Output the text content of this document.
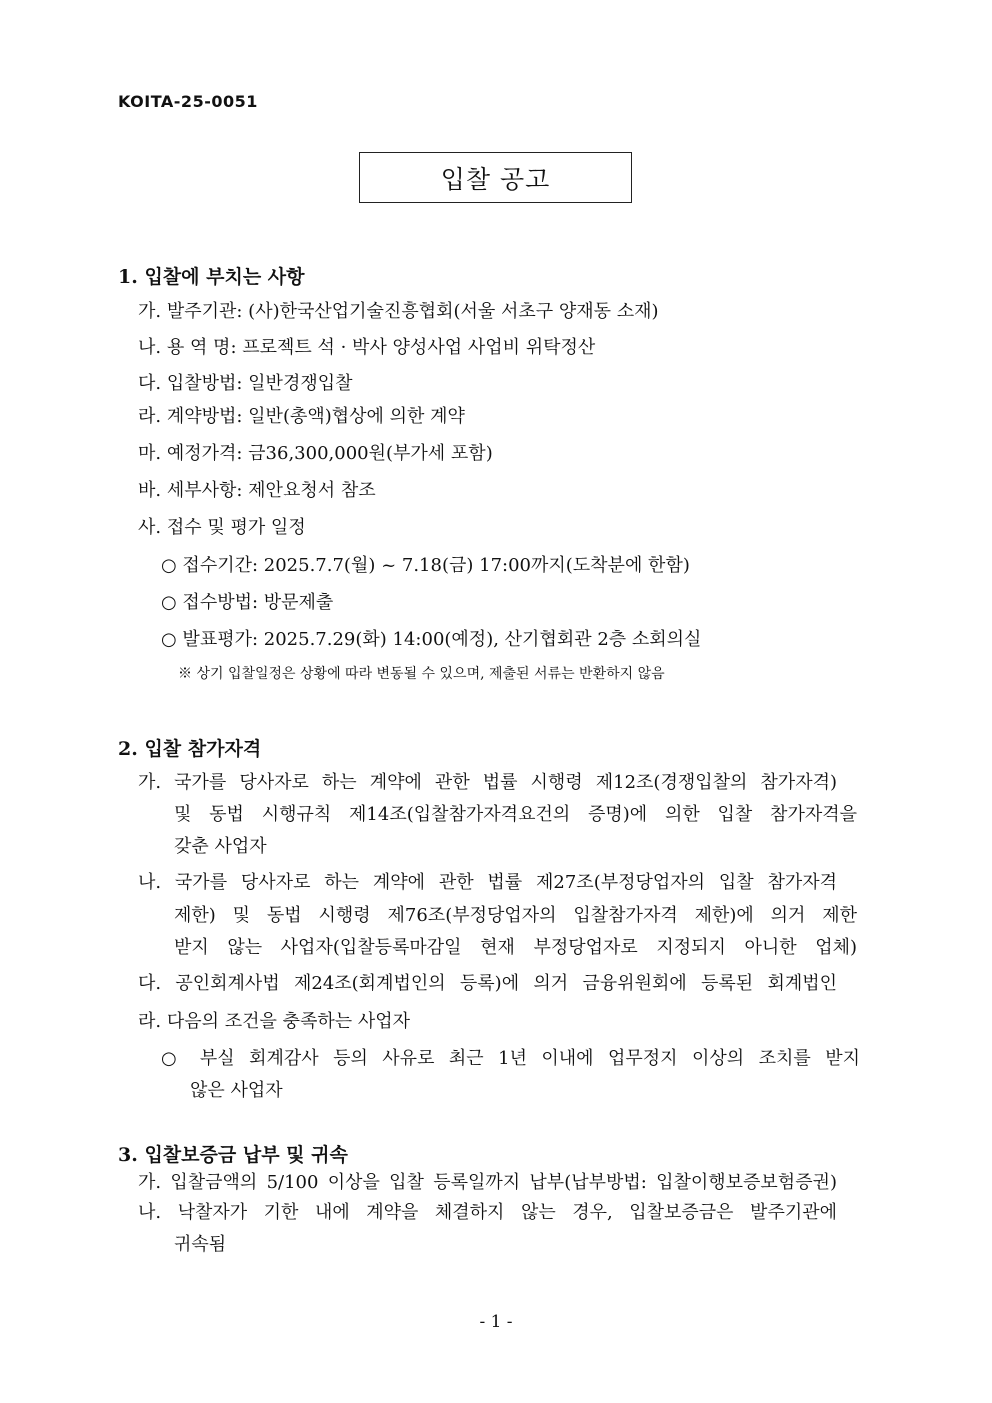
KOITA-25-0051
입찰 공고
1. 입찰에 부치는 사항
가. 발주기관: (사)한국산업기술진흥협회(서울 서초구 양재동 소재)
나. 용 역 명: 프로젝트 석 · 박사 양성사업 사업비 위탁정산
다. 입찰방법: 일반경쟁입찰
라. 계약방법: 일반(총액)협상에 의한 계약
마. 예정가격: 금36,300,000원(부가세 포함)
바. 세부사항: 제안요청서 참조
사. 접수 및 평가 일정
○ 접수기간: 2025.7.7(월) ~ 7.18(금) 17:00까지(도착분에 한함)
○ 접수방법: 방문제출
○ 발표평가: 2025.7.29(화) 14:00(예정), 산기협회관 2층 소회의실
※ 상기 입찰일정은 상황에 따라 변동될 수 있으며, 제출된 서류는 반환하지 않음
2. 입찰 참가자격
가. 국가를 당사자로 하는 계약에 관한 법률 시행령 제12조(경쟁입찰의 참가자격)
및 동법 시행규칙 제14조(입찰참가자격요건의 증명)에 의한 입찰 참가자격을
갖춘 사업자
나. 국가를 당사자로 하는 계약에 관한 법률 제27조(부정당업자의 입찰 참가자격
제한) 및 동법 시행령 제76조(부정당업자의 입찰참가자격 제한)에 의거 제한
받지 않는 사업자(입찰등록마감일 현재 부정당업자로 지정되지 아니한 업체)
다. 공인회계사법 제24조(회계법인의 등록)에 의거 금융위원회에 등록된 회계법인
라. 다음의 조건을 충족하는 사업자
○ 부실 회계감사 등의 사유로 최근 1년 이내에 업무정지 이상의 조치를 받지
않은 사업자
3. 입찰보증금 납부 및 귀속
가. 입찰금액의 5/100 이상을 입찰 등록일까지 납부(납부방법: 입찰이행보증보험증권)
나. 낙찰자가 기한 내에 계약을 체결하지 않는 경우, 입찰보증금은 발주기관에
귀속됨
- 1 -
